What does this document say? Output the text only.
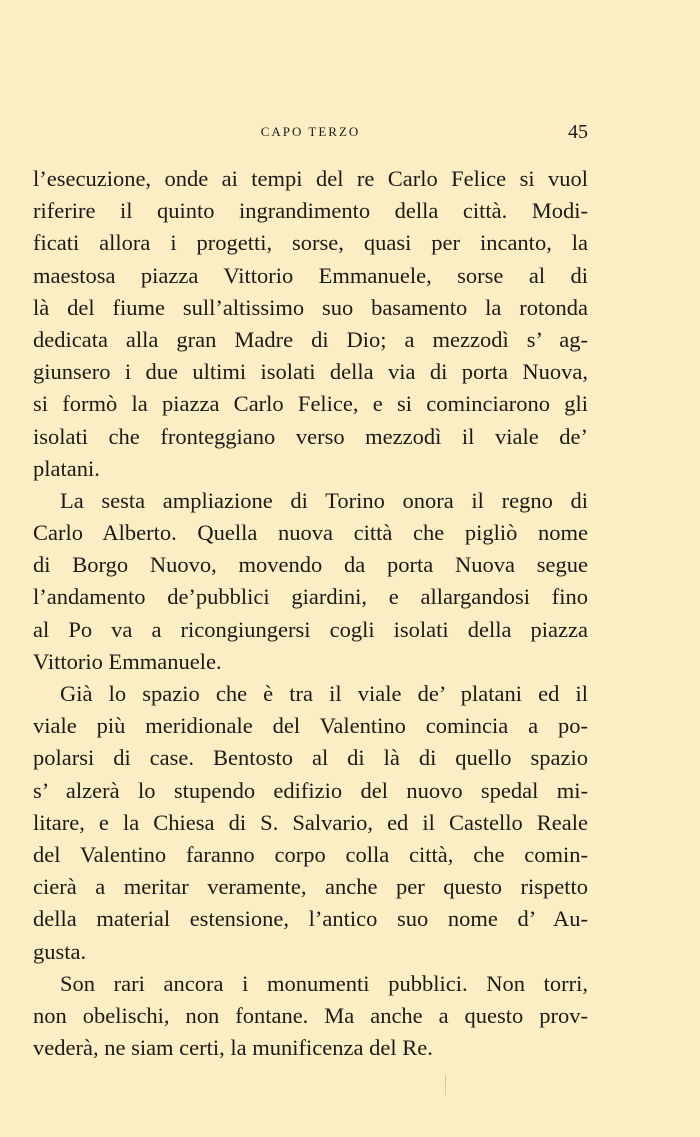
CAPO TERZO	45
l’esecuzione, onde ai tempi del re Carlo Felice si vuol
riferire il quinto ingrandimento della città. Modi-
ficati allora i progetti, sorse, quasi per incanto, la
maestosa piazza Vittorio Emmanuele, sorse al di
là del fiume sull’altissimo suo basamento la rotonda
dedicata alla gran Madre di Dio; a mezzodì s’ ag-
giunsero i due ultimi isolati della via di porta Nuova,
si formò la piazza Carlo Felice, e si cominciarono gli
isolati che fronteggiano verso mezzodì il viale de’
platani.
La sesta ampliazione di Torino onora il regno di
Carlo Alberto. Quella nuova città che pigliò nome
di Borgo Nuovo, movendo da porta Nuova segue
l’andamento de’pubblici giardini, e allargandosi fino
al Po va a ricongiungersi cogli isolati della piazza
Vittorio Emmanuele.
Già lo spazio che è tra il viale de’ platani ed il
viale più meridionale del Valentino comincia a po-
polarsi di case. Bentosto al di là di quello spazio
s’ alzerà lo stupendo edifizio del nuovo spedal mi-
litare, e la Chiesa di S. Salvario, ed il Castello Reale
del Valentino faranno corpo colla città, che comin-
cierà a meritar veramente, anche per questo rispetto
della material estensione, l’antico suo nome d’ Au-
gusta.
Son rari ancora i monumenti pubblici. Non torri,
non obelischi, non fontane. Ma anche a questo prov-
vederà, ne siam certi, la munificenza del Re.
